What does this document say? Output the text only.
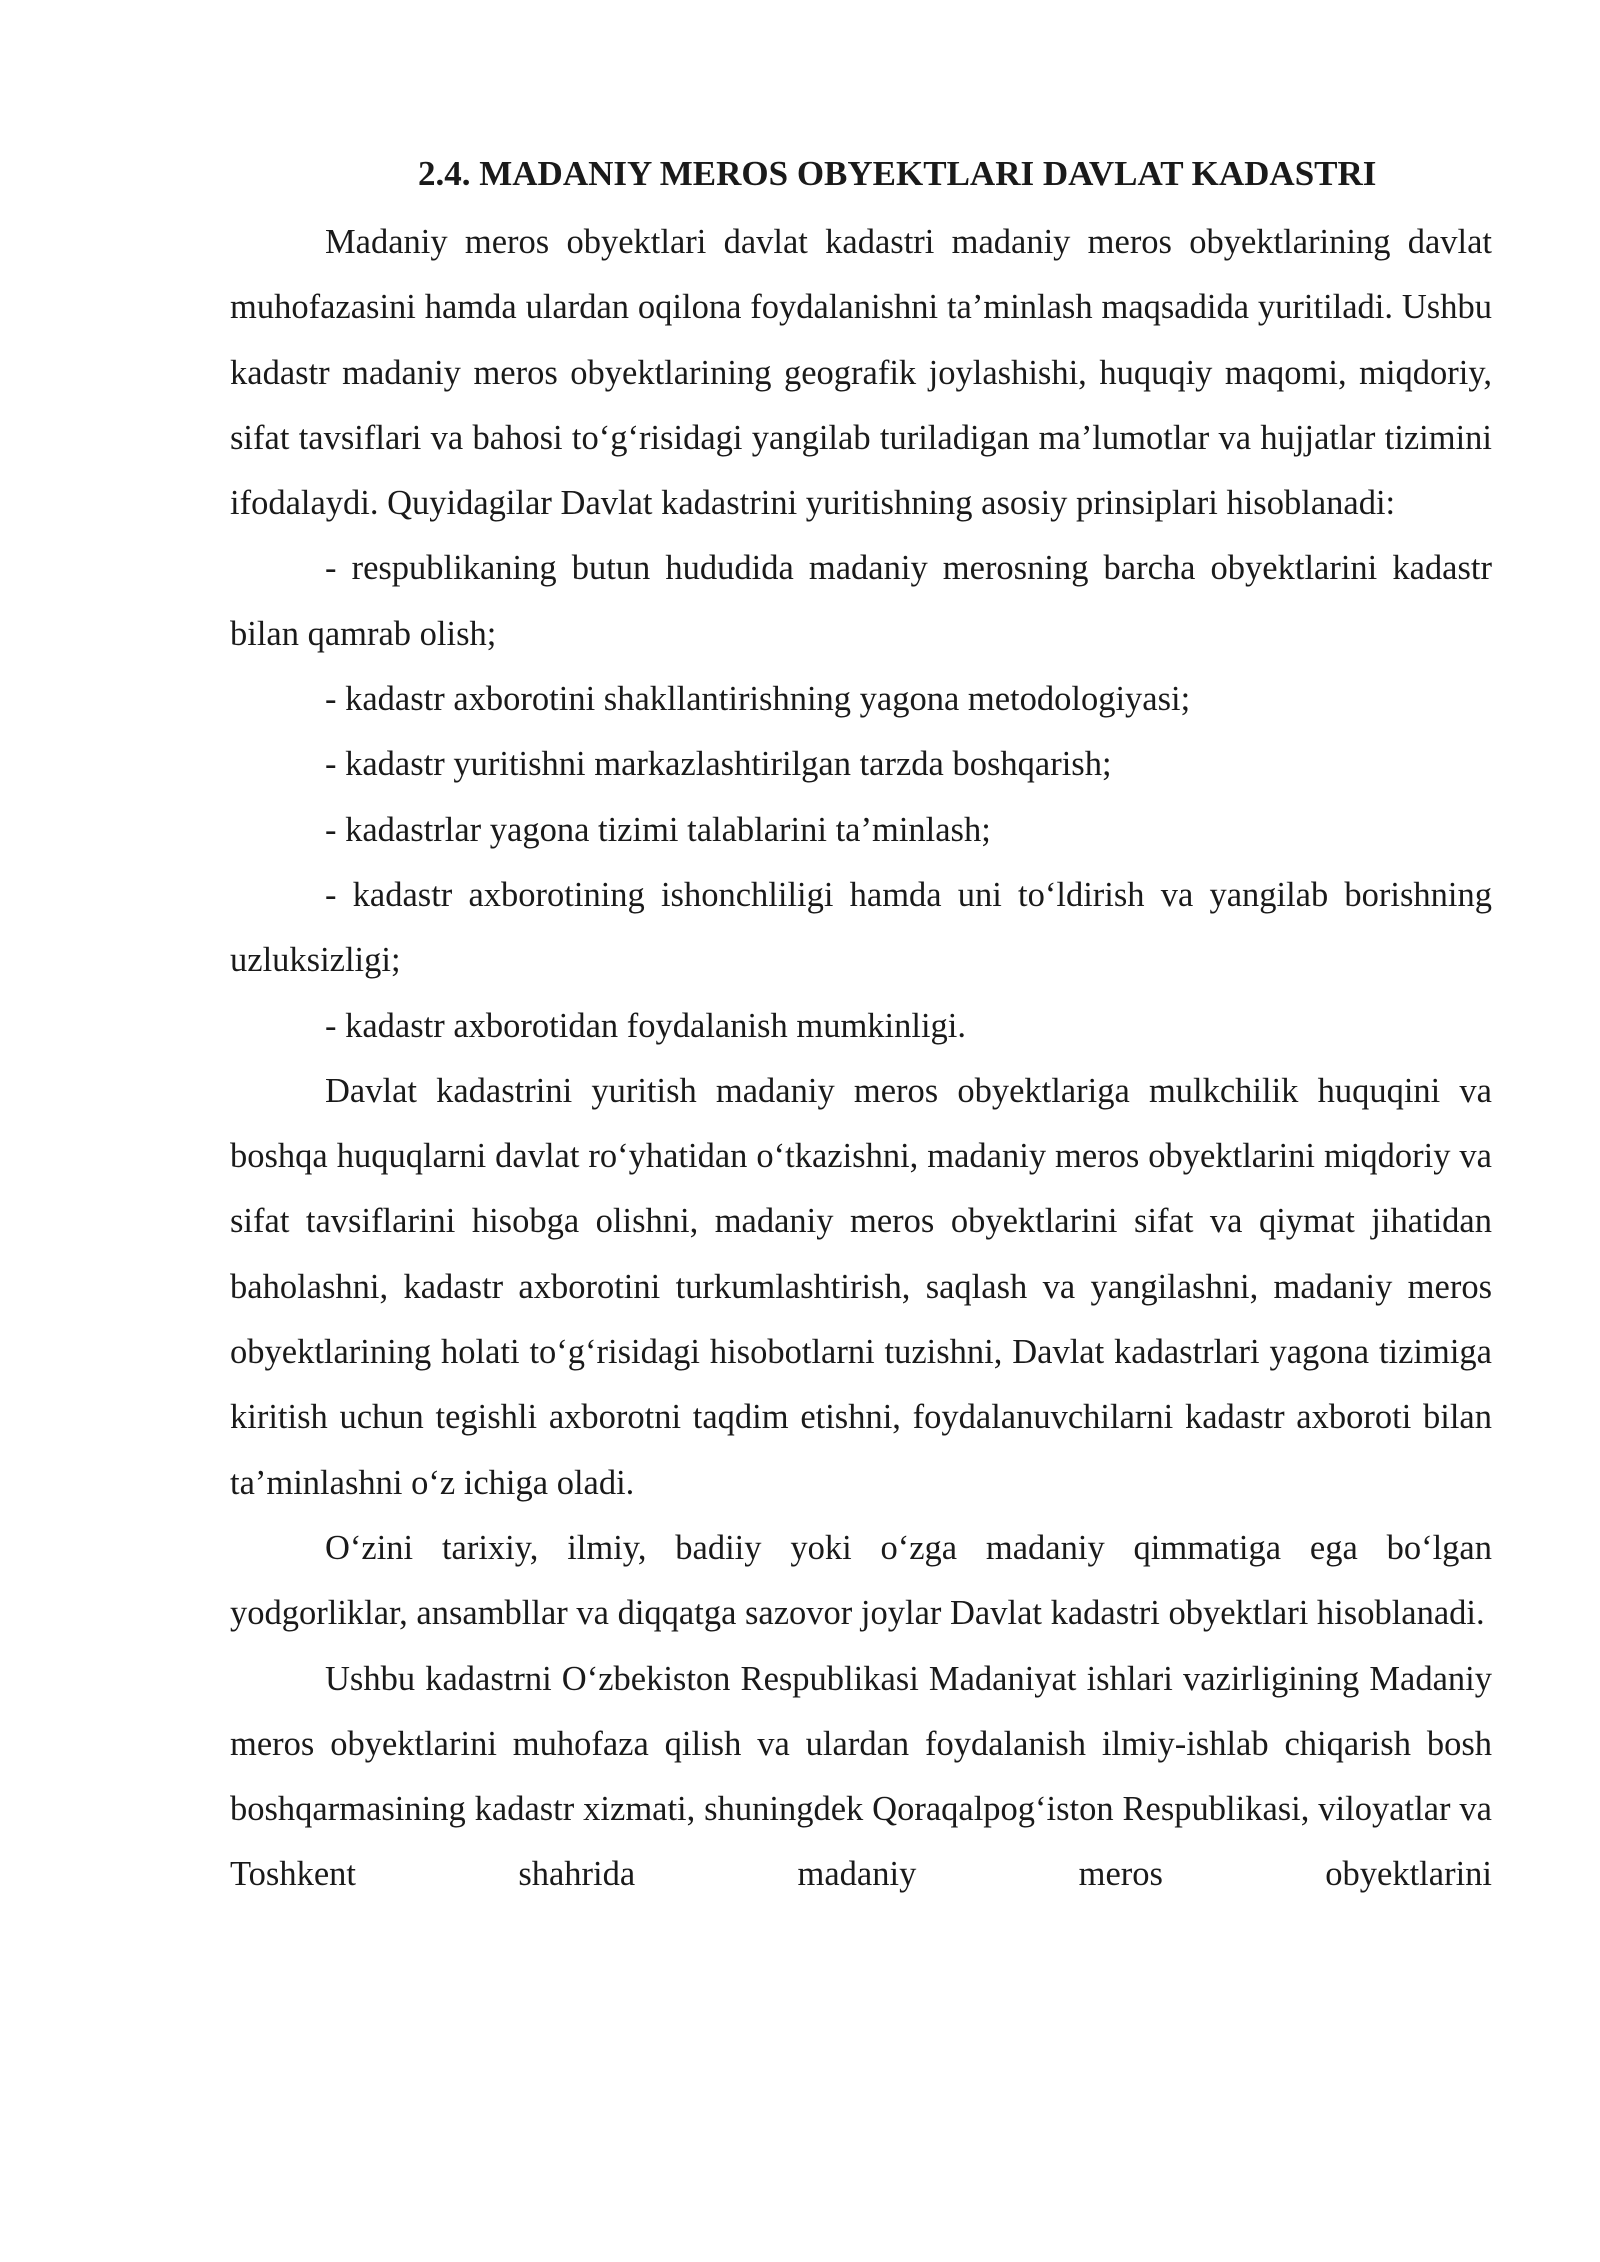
2.4. MADANIY MEROS OBYEKTLARI DAVLAT KADASTRI

Madaniy meros obyektlari davlat kadastri madaniy meros obyektlarining davlat muhofazasini hamda ulardan oqilona foydalanishni ta’minlash maqsadida yuritiladi. Ushbu kadastr madaniy meros obyektlarining geografik joylashishi, huquqiy maqomi, miqdoriy, sifat tavsiflari va bahosi to‘g‘risidagi yangilab turiladigan ma’lumotlar va hujjatlar tizimini ifodalaydi. Quyidagilar Davlat kadastrini yuritishning asosiy prinsiplari hisoblanadi:

- respublikaning butun hududida madaniy merosning barcha obyektlarini kadastr bilan qamrab olish;

- kadastr axborotini shakllantirishning yagona metodologiyasi;

- kadastr yuritishni markazlashtirilgan tarzda boshqarish;

- kadastrlar yagona tizimi talablarini ta’minlash;

- kadastr axborotining ishonchliligi hamda uni to‘ldirish va yangilab borishning uzluksizligi;

- kadastr axborotidan foydalanish mumkinligi.

Davlat kadastrini yuritish madaniy meros obyektlariga mulkchilik huquqini va boshqa huquqlarni davlat ro‘yhatidan o‘tkazishni, madaniy meros obyektlarini miqdoriy va sifat tavsiflarini hisobga olishni, madaniy meros obyektlarini sifat va qiymat jihatidan baholashni, kadastr axborotini turkumlashtirish, saqlash va yangilashni, madaniy meros obyektlarining holati to‘g‘risidagi hisobotlarni tuzishni, Davlat kadastrlari yagona tizimiga kiritish uchun tegishli axborotni taqdim etishni, foydalanuvchilarni kadastr axboroti bilan ta’minlashni o‘z ichiga oladi.

O‘zini tarixiy, ilmiy, badiiy yoki o‘zga madaniy qimmatiga ega bo‘lgan yodgorliklar, ansambllar va diqqatga sazovor joylar Davlat kadastri obyektlari hisoblanadi.

Ushbu kadastrni O‘zbekiston Respublikasi Madaniyat ishlari vazirligining Madaniy meros obyektlarini muhofaza qilish va ulardan foydalanish ilmiy-ishlab chiqarish bosh boshqarmasining kadastr xizmati, shuningdek Qoraqalpog‘iston Respublikasi, viloyatlar va Toshkent shahrida madaniy meros obyektlarini
